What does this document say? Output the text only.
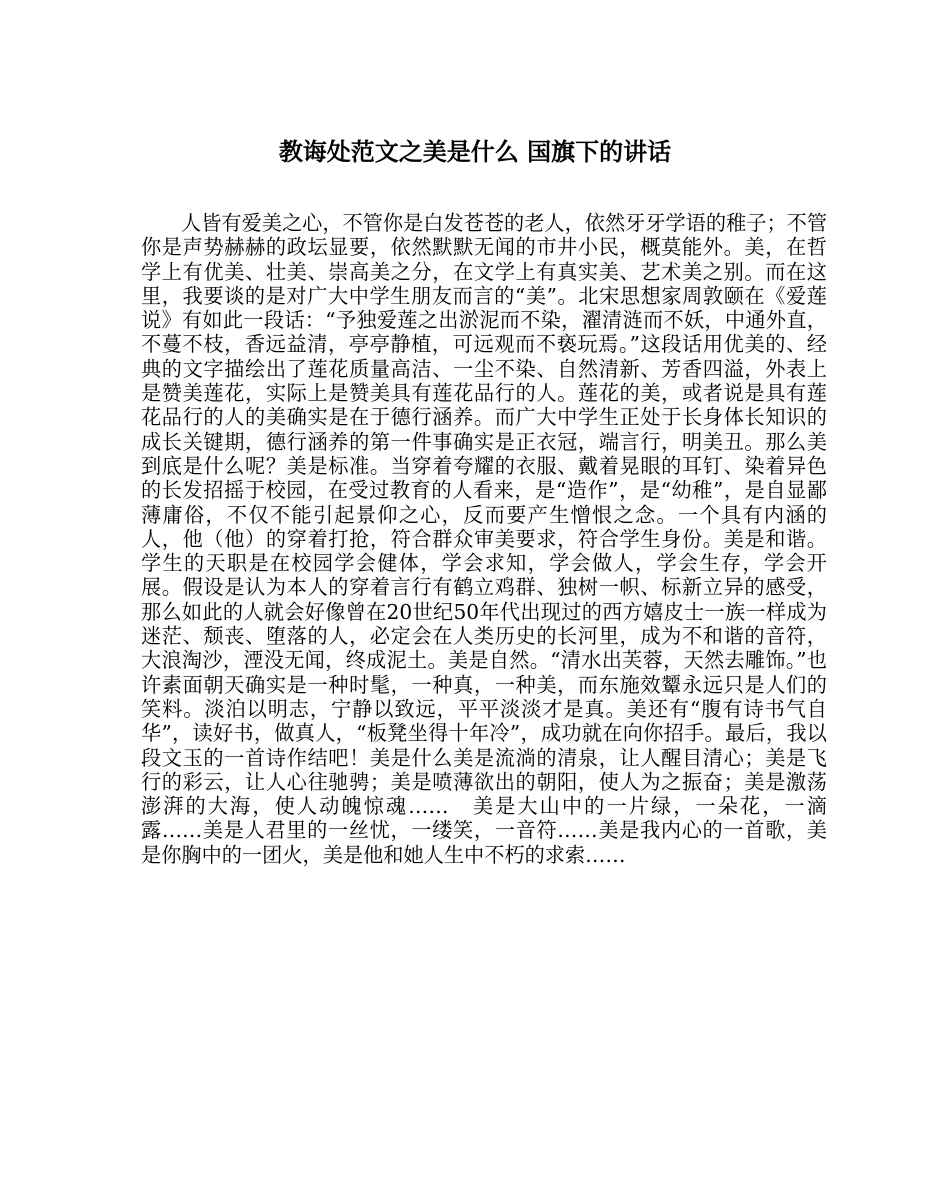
教诲处范文之美是什么 国旗下的讲话

人皆有爱美之心，不管你是白发苍苍的老人，依然牙牙学语的稚子；不管你是声势赫赫的政坛显要，依然默默无闻的市井小民，概莫能外。美，在哲学上有优美、壮美、崇高美之分，在文学上有真实美、艺术美之别。而在这里，我要谈的是对广大中学生朋友而言的“美”。北宋思想家周敦颐在《爱莲说》有如此一段话：“予独爱莲之出淤泥而不染，濯清涟而不妖，中通外直，不蔓不枝，香远益清，亭亭静植，可远观而不亵玩焉。”这段话用优美的、经典的文字描绘出了莲花质量高洁、一尘不染、自然清新、芳香四溢，外表上是赞美莲花，实际上是赞美具有莲花品行的人。莲花的美，或者说是具有莲花品行的人的美确实是在于德行涵养。而广大中学生正处于长身体长知识的成长关键期，德行涵养的第一件事确实是正衣冠，端言行，明美丑。那么美到底是什么呢？美是标准。当穿着夸耀的衣服、戴着晃眼的耳钉、染着异色的长发招摇于校园，在受过教育的人看来，是“造作”，是“幼稚”，是自显鄙薄庸俗，不仅不能引起景仰之心，反而要产生憎恨之念。一个具有内涵的人，他（他）的穿着打抢，符合群众审美要求，符合学生身份。美是和谐。学生的天职是在校园学会健体，学会求知，学会做人，学会生存，学会开展。假设是认为本人的穿着言行有鹤立鸡群、独树一帜、标新立异的感受，那么如此的人就会好像曾在20世纪50年代出现过的西方嬉皮士一族一样成为迷茫、颓丧、堕落的人，必定会在人类历史的长河里，成为不和谐的音符，大浪淘沙，湮没无闻，终成泥土。美是自然。“清水出芙蓉，天然去雕饰。”也许素面朝天确实是一种时髦，一种真，一种美，而东施效颦永远只是人们的笑料。淡泊以明志，宁静以致远，平平淡淡才是真。美还有“腹有诗书气自华”，读好书，做真人，“板凳坐得十年冷”，成功就在向你招手。最后，我以段文玉的一首诗作结吧！美是什么美是流淌的清泉，让人醒目清心；美是飞行的彩云，让人心往驰骋；美是喷薄欲出的朝阳，使人为之振奋；美是激荡澎湃的大海，使人动魄惊魂……　美是大山中的一片绿，一朵花，一滴露……美是人君里的一丝忧，一缕笑，一音符……美是我内心的一首歌，美是你胸中的一团火，美是他和她人生中不朽的求索……
